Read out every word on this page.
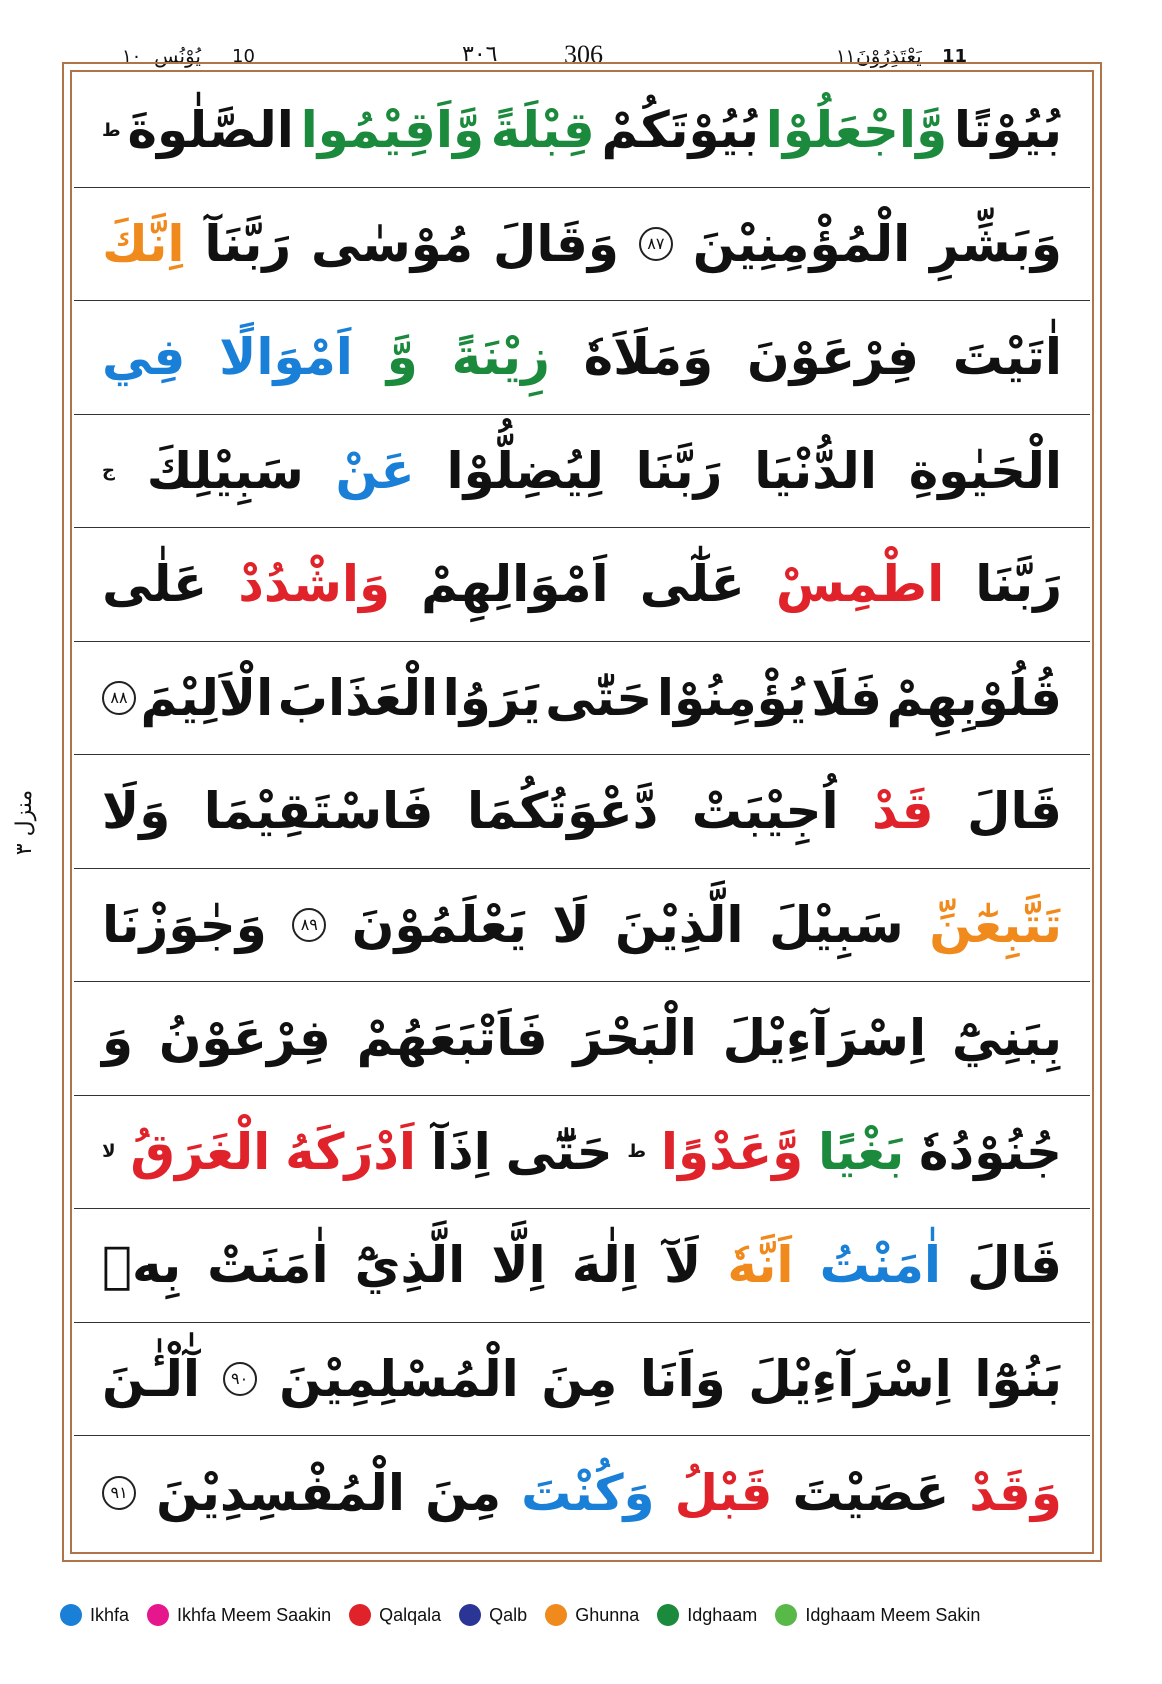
١٠ يُوْنُس 10	٣٠٦	306	١١ يَعْتَذِرُوْنَ 11
منزل ٣
بُيُوْتًا
وَّاجْعَلُوْا
بُيُوْتَكُمْ
قِبْلَةً
وَّاَقِيْمُوا
الصَّلٰوةَ
ط
وَبَشِّرِ
الْمُؤْمِنِيْنَ
٨٧
وَقَالَ
مُوْسٰى
رَبَّنَآ
اِنَّكَ
اٰتَيْتَ
فِرْعَوْنَ
وَمَلَاَهٗ
زِيْنَةً
وَّ
اَمْوَالًا
فِي
الْحَيٰوةِ
الدُّنْيَا
رَبَّنَا
لِيُضِلُّوْا
عَنْ
سَبِيْلِكَ
ج
رَبَّنَا
اطْمِسْ
عَلٰٓى
اَمْوَالِهِمْ
وَاشْدُدْ
عَلٰى
قُلُوْبِهِمْ
فَلَا
يُؤْمِنُوْا
حَتّٰى
يَرَوُا
الْعَذَابَ
الْاَلِيْمَ
٨٨
قَالَ
قَدْ
اُجِيْبَتْ
دَّعْوَتُكُمَا
فَاسْتَقِيْمَا
وَلَا
تَتَّبِعٰٓنِّ
سَبِيْلَ
الَّذِيْنَ
لَا
يَعْلَمُوْنَ
٨٩
وَجٰوَزْنَا
بِبَنِيْٓ
اِسْرَآءِيْلَ
الْبَحْرَ
فَاَتْبَعَهُمْ
فِرْعَوْنُ
وَ
جُنُوْدُهٗ
بَغْيًا
وَّعَدْوًا
ط
حَتّٰٓى
اِذَآ
اَدْرَكَهُ
الْغَرَقُ
لا
قَالَ
اٰمَنْتُ
اَنَّهٗ
لَآ
اِلٰهَ
اِلَّا
الَّذِيْٓ
اٰمَنَتْ
بِهٖ
بَنُوْٓا
اِسْرَآءِيْلَ
وَاَنَا
مِنَ
الْمُسْلِمِيْنَ
٩٠
آٰلْـٰٔنَ
وَقَدْ
عَصَيْتَ
قَبْلُ
وَكُنْتَ
مِنَ
الْمُفْسِدِيْنَ
٩١
Ikhfa	Ikhfa Meem Saakin	Qalqala	Qalb	Ghunna	Idghaam	Idghaam Meem Sakin
